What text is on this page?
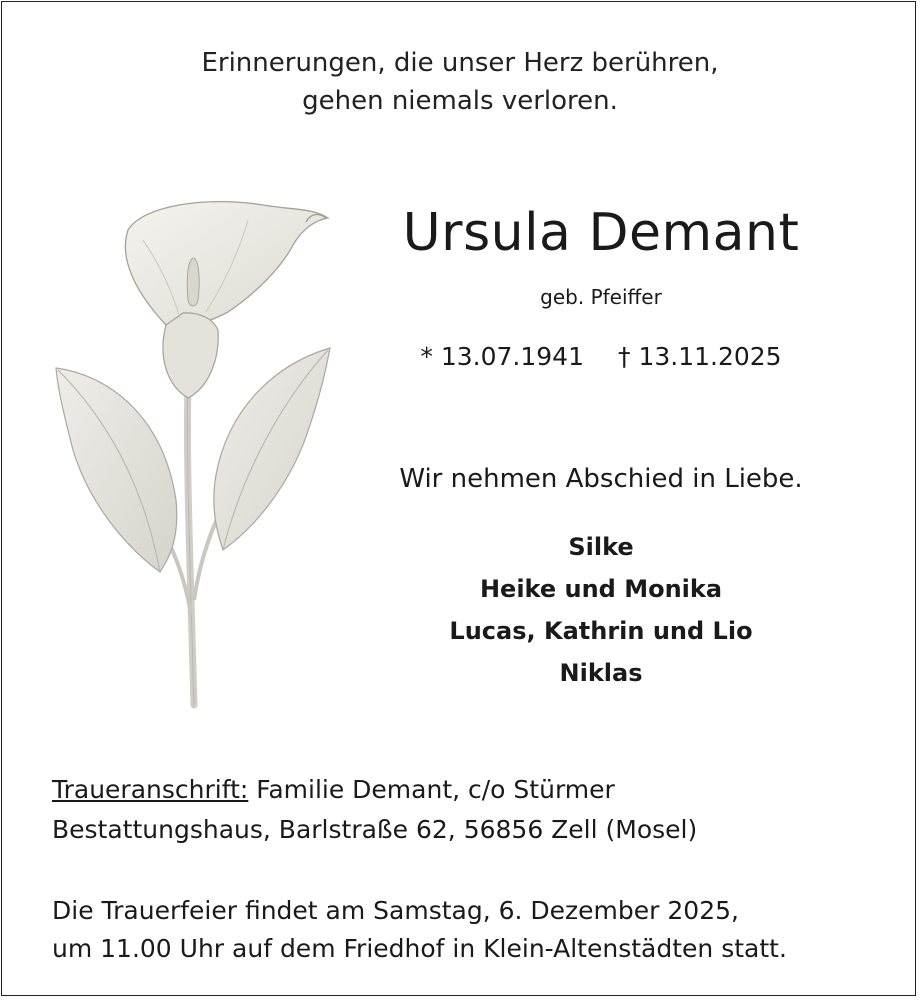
Erinnerungen, die unser Herz berühren,
gehen niemals verloren.
Ursula Demant
geb. Pfeiffer
* 13.07.1941 † 13.11.2025
Wir nehmen Abschied in Liebe.
Silke
Heike und Monika
Lucas, Kathrin und Lio
Niklas
Traueranschrift: Familie Demant, c/o Stürmer
Bestattungshaus, Barlstraße 62, 56856 Zell (Mosel)
Die Trauerfeier findet am Samstag, 6. Dezember 2025,
um 11.00 Uhr auf dem Friedhof in Klein-Altenstädten statt.
